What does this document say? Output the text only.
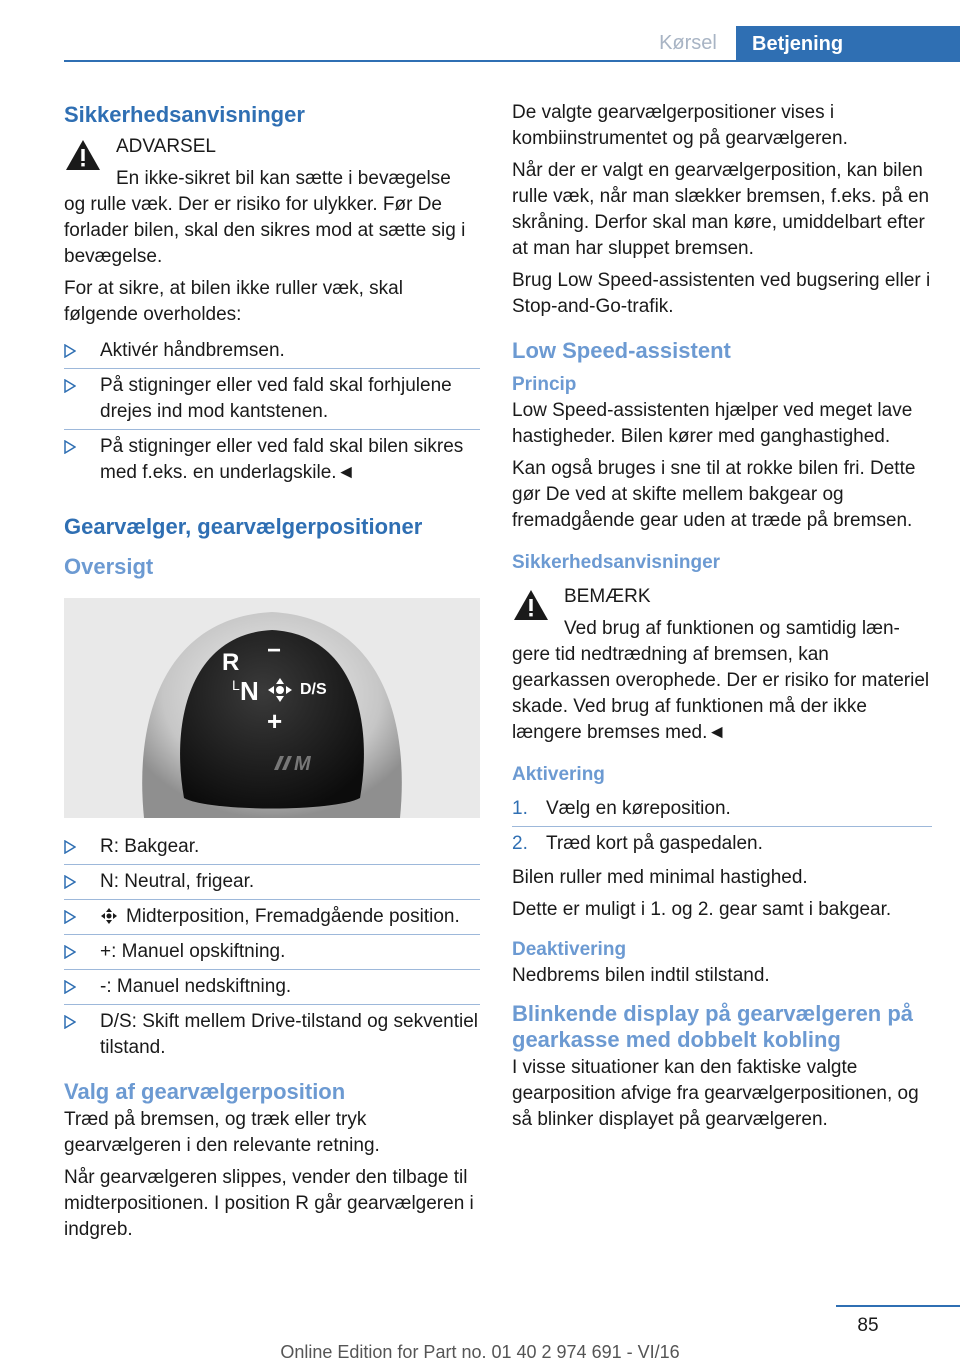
Kørsel	Betjening
Sikkerhedsanvisninger

ADVARSEL

En ikke-sikret bil kan sætte i bevægelse

og rulle væk. Der er risiko for ulykker. Før De forlader bilen, skal den sikres mod at sætte sig i bevægelse.

For at sikre, at bilen ikke ruller væk, skal følgende overholdes:

Aktivér håndbremsen.
På stigninger eller ved fald skal forhjulene drejes ind mod kantstenen.
På stigninger eller ved fald skal bilen sikres med f.eks. en underlagskile.◄
Gearvælger, gearvælgerpositioner
Oversigt
R −
L N	D/S
+
M
R: Bakgear.
N: Neutral, frigear.
Midterposition, Fremadgående position.
+: Manuel opskiftning.
-: Manuel nedskiftning.
D/S: Skift mellem Drive-tilstand og sekventiel tilstand.
Valg af gearvælgerposition

Træd på bremsen, og træk eller tryk gearvælgeren i den relevante retning.

Når gearvælgeren slippes, vender den tilbage til midterpositionen. I position R går gearvælgeren i indgreb.

De valgte gearvælgerpositioner vises i kombiinstrumentet og på gearvælgeren.

Når der er valgt en gearvælgerposition, kan bilen rulle væk, når man slækker bremsen, f.eks. på en skråning. Derfor skal man køre, umiddelbart efter at man har sluppet bremsen.

Brug Low Speed-assistenten ved bugsering eller i Stop-and-Go-trafik.

Low Speed-assistent
Princip

Low Speed-assistenten hjælper ved meget lave hastigheder. Bilen kører med ganghastighed.

Kan også bruges i sne til at rokke bilen fri. Dette gør De ved at skifte mellem bakgear og fremadgående gear uden at træde på bremsen.

Sikkerhedsanvisninger

BEMÆRK

Ved brug af funktionen og samtidig læn-

gere tid nedtrædning af bremsen, kan gearkassen overophede. Der er risiko for materiel skade. Ved brug af funktionen må der ikke længere bremses med.◄

Aktivering
1. Vælg en køreposition.
2. Træd kort på gaspedalen.

Bilen ruller med minimal hastighed.

Dette er muligt i 1. og 2. gear samt i bakgear.

Deaktivering

Nedbrems bilen indtil stilstand.

Blinkende display på gearvælgeren på gearkasse med dobbelt kobling

I visse situationer kan den faktiske valgte gearposition afvige fra gearvælgerpositionen, og så blinker displayet på gearvælgeren.

85
Online Edition for Part no. 01 40 2 974 691 - VI/16
